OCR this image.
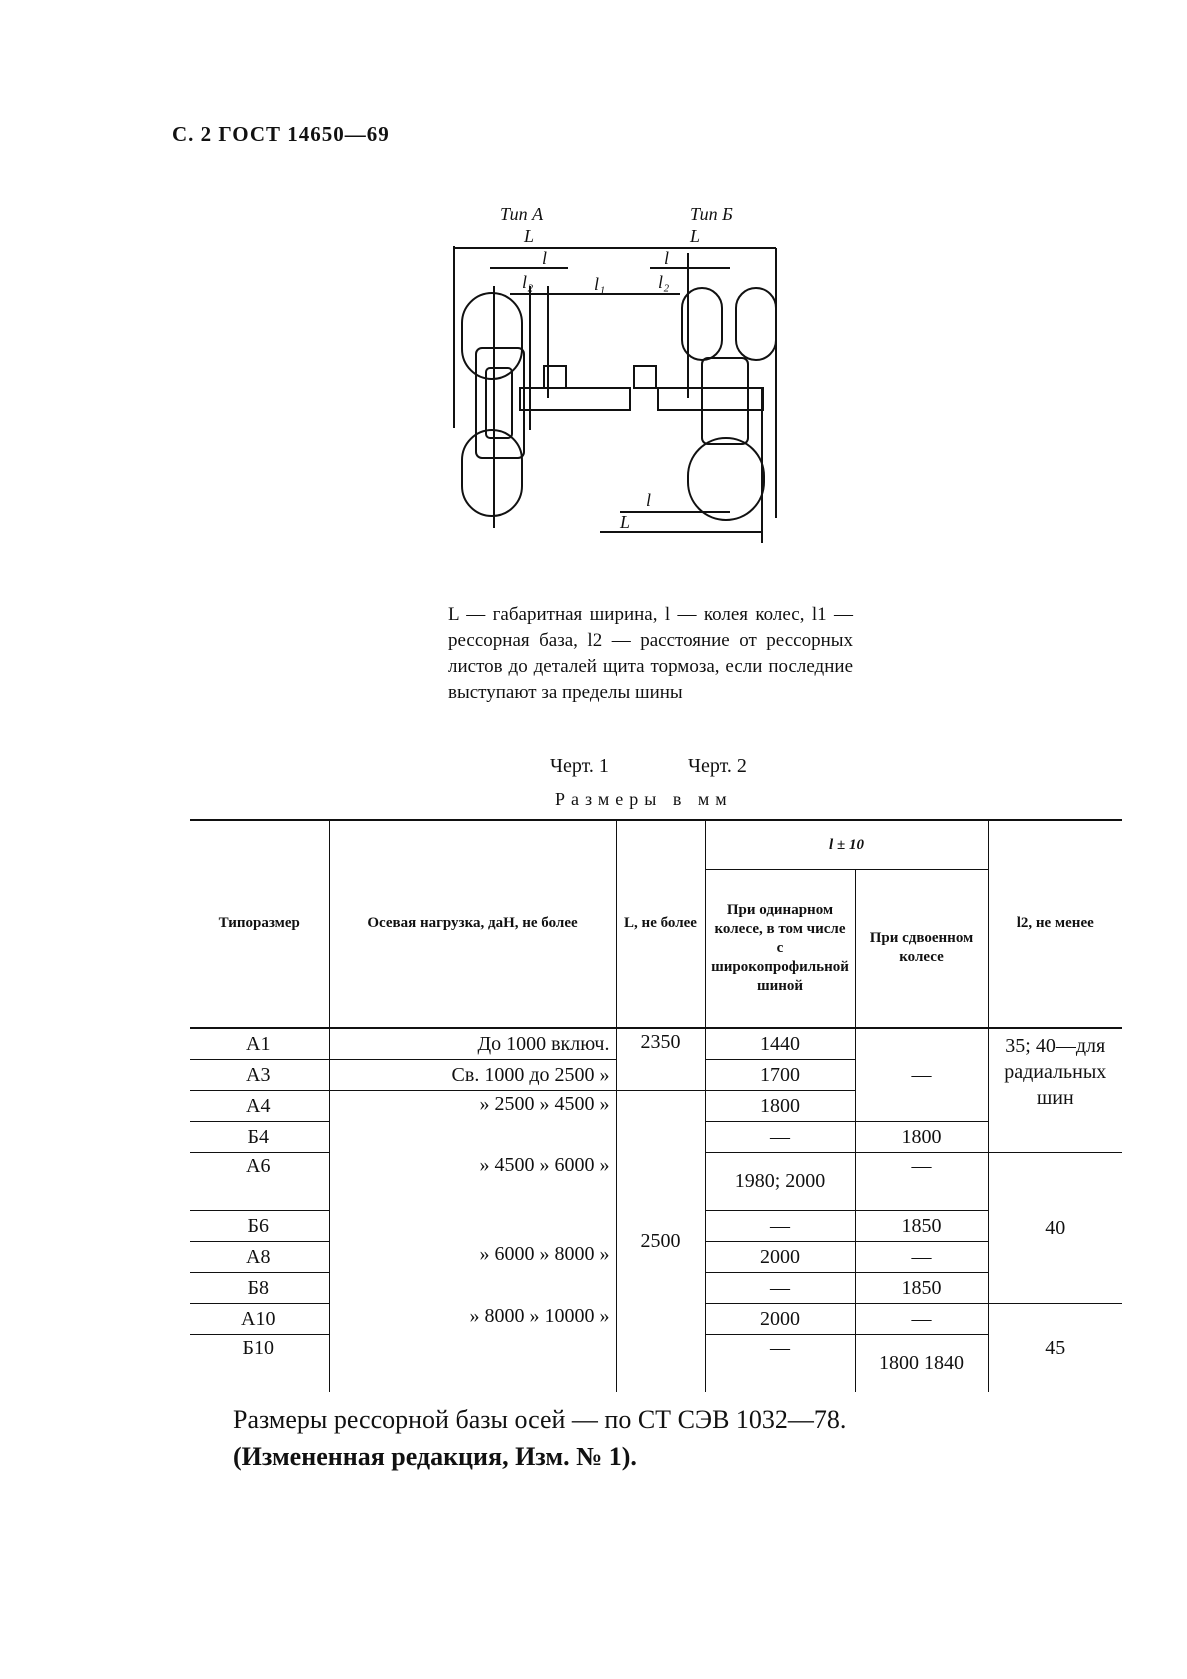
С. 2 ГОСТ 14650—69
Тип А	Тип Б
L	L
l	l
l₂	l₁	l₂
l
L
L — габаритная ширина, l — колея колес, l1 — рессорная база, l2 — расстояние от рессорных листов до деталей щита тормоза, если последние выступают за пределы шины
Черт. 1	Черт. 2
Размеры в мм
Типоразмер	Осевая нагрузка, даН, не более	L, не более	l ± 10		l2, не менее
			При одинарном колесе, в том числе с широкопрофильной шиной	При сдвоенном колесе	
А1	До 1000 включ.	2350	1440	—	35; 40—для радиальных шин
А3	Св. 1000 до 2500 »		1700		
А4	» 2500 » 4500 »	2500	1800		
Б4			—	1800	
А6	» 4500 » 6000 »		1980; 2000	—	40
Б6			—	1850	
А8	» 6000 » 8000 »		2000	—	
Б8			—	1850	
А10	» 8000 » 10000 »		2000	—	45
Б10			—	1800 1840	
Размеры рессорной базы осей — по СТ СЭВ 1032—78.
(Измененная редакция, Изм. № 1).
